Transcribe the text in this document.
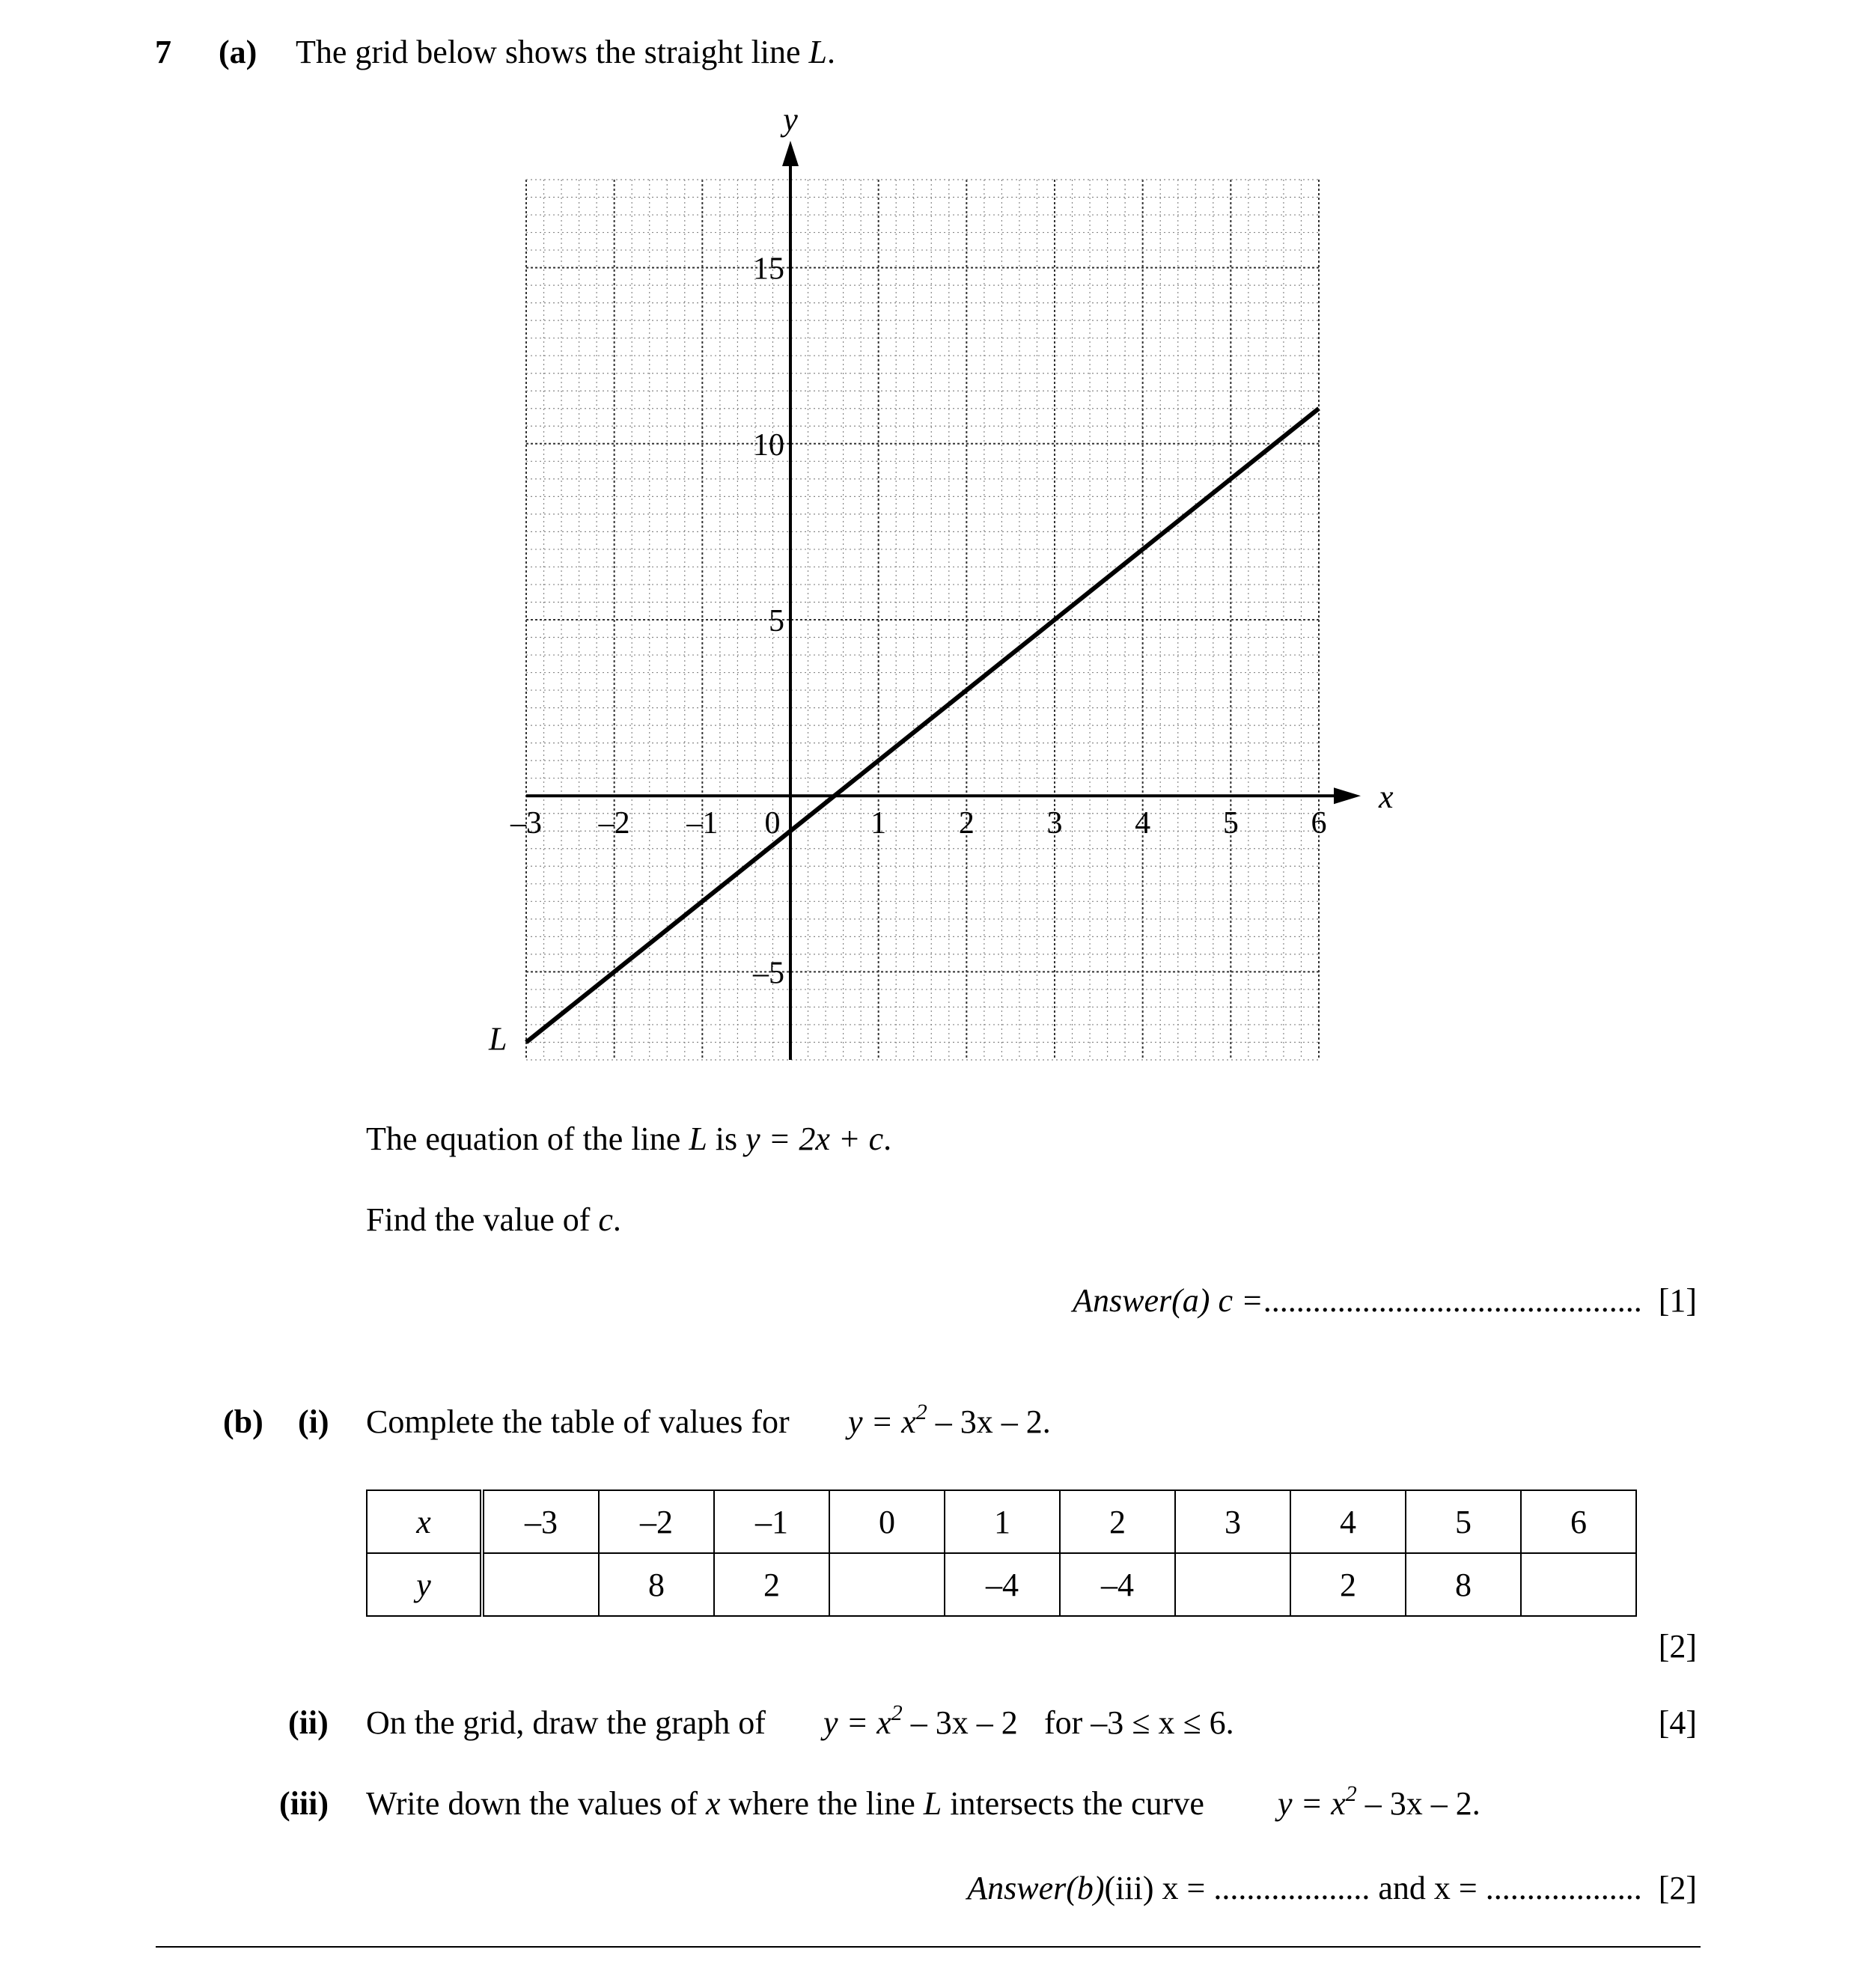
7 (a) The grid below shows the straight line L.
x
y
–3 –2 –1 0	1 2 3 4 5 6
–5
5
10
15
L
The equation of the line L is y = 2x + c.
Find the value of c.
Answer(a) c =.............................................. [1]
(b) (i) Complete the table of values for $y = x^2 - 3x - 2$.
x	–3	–2	–1	0	1	2	3	4	5	6
y		8	2		–4	–4		2	8	
[2]
(ii) On the grid, draw the graph of $y = x^2 - 3x - 2$ for –3 ≤ x ≤ 6.	[4]
(iii) Write down the values of x where the line L intersects the curve $y = x^2 - 3x - 2$.
Answer(b)(iii) x = ................... and x = ................... [2]
